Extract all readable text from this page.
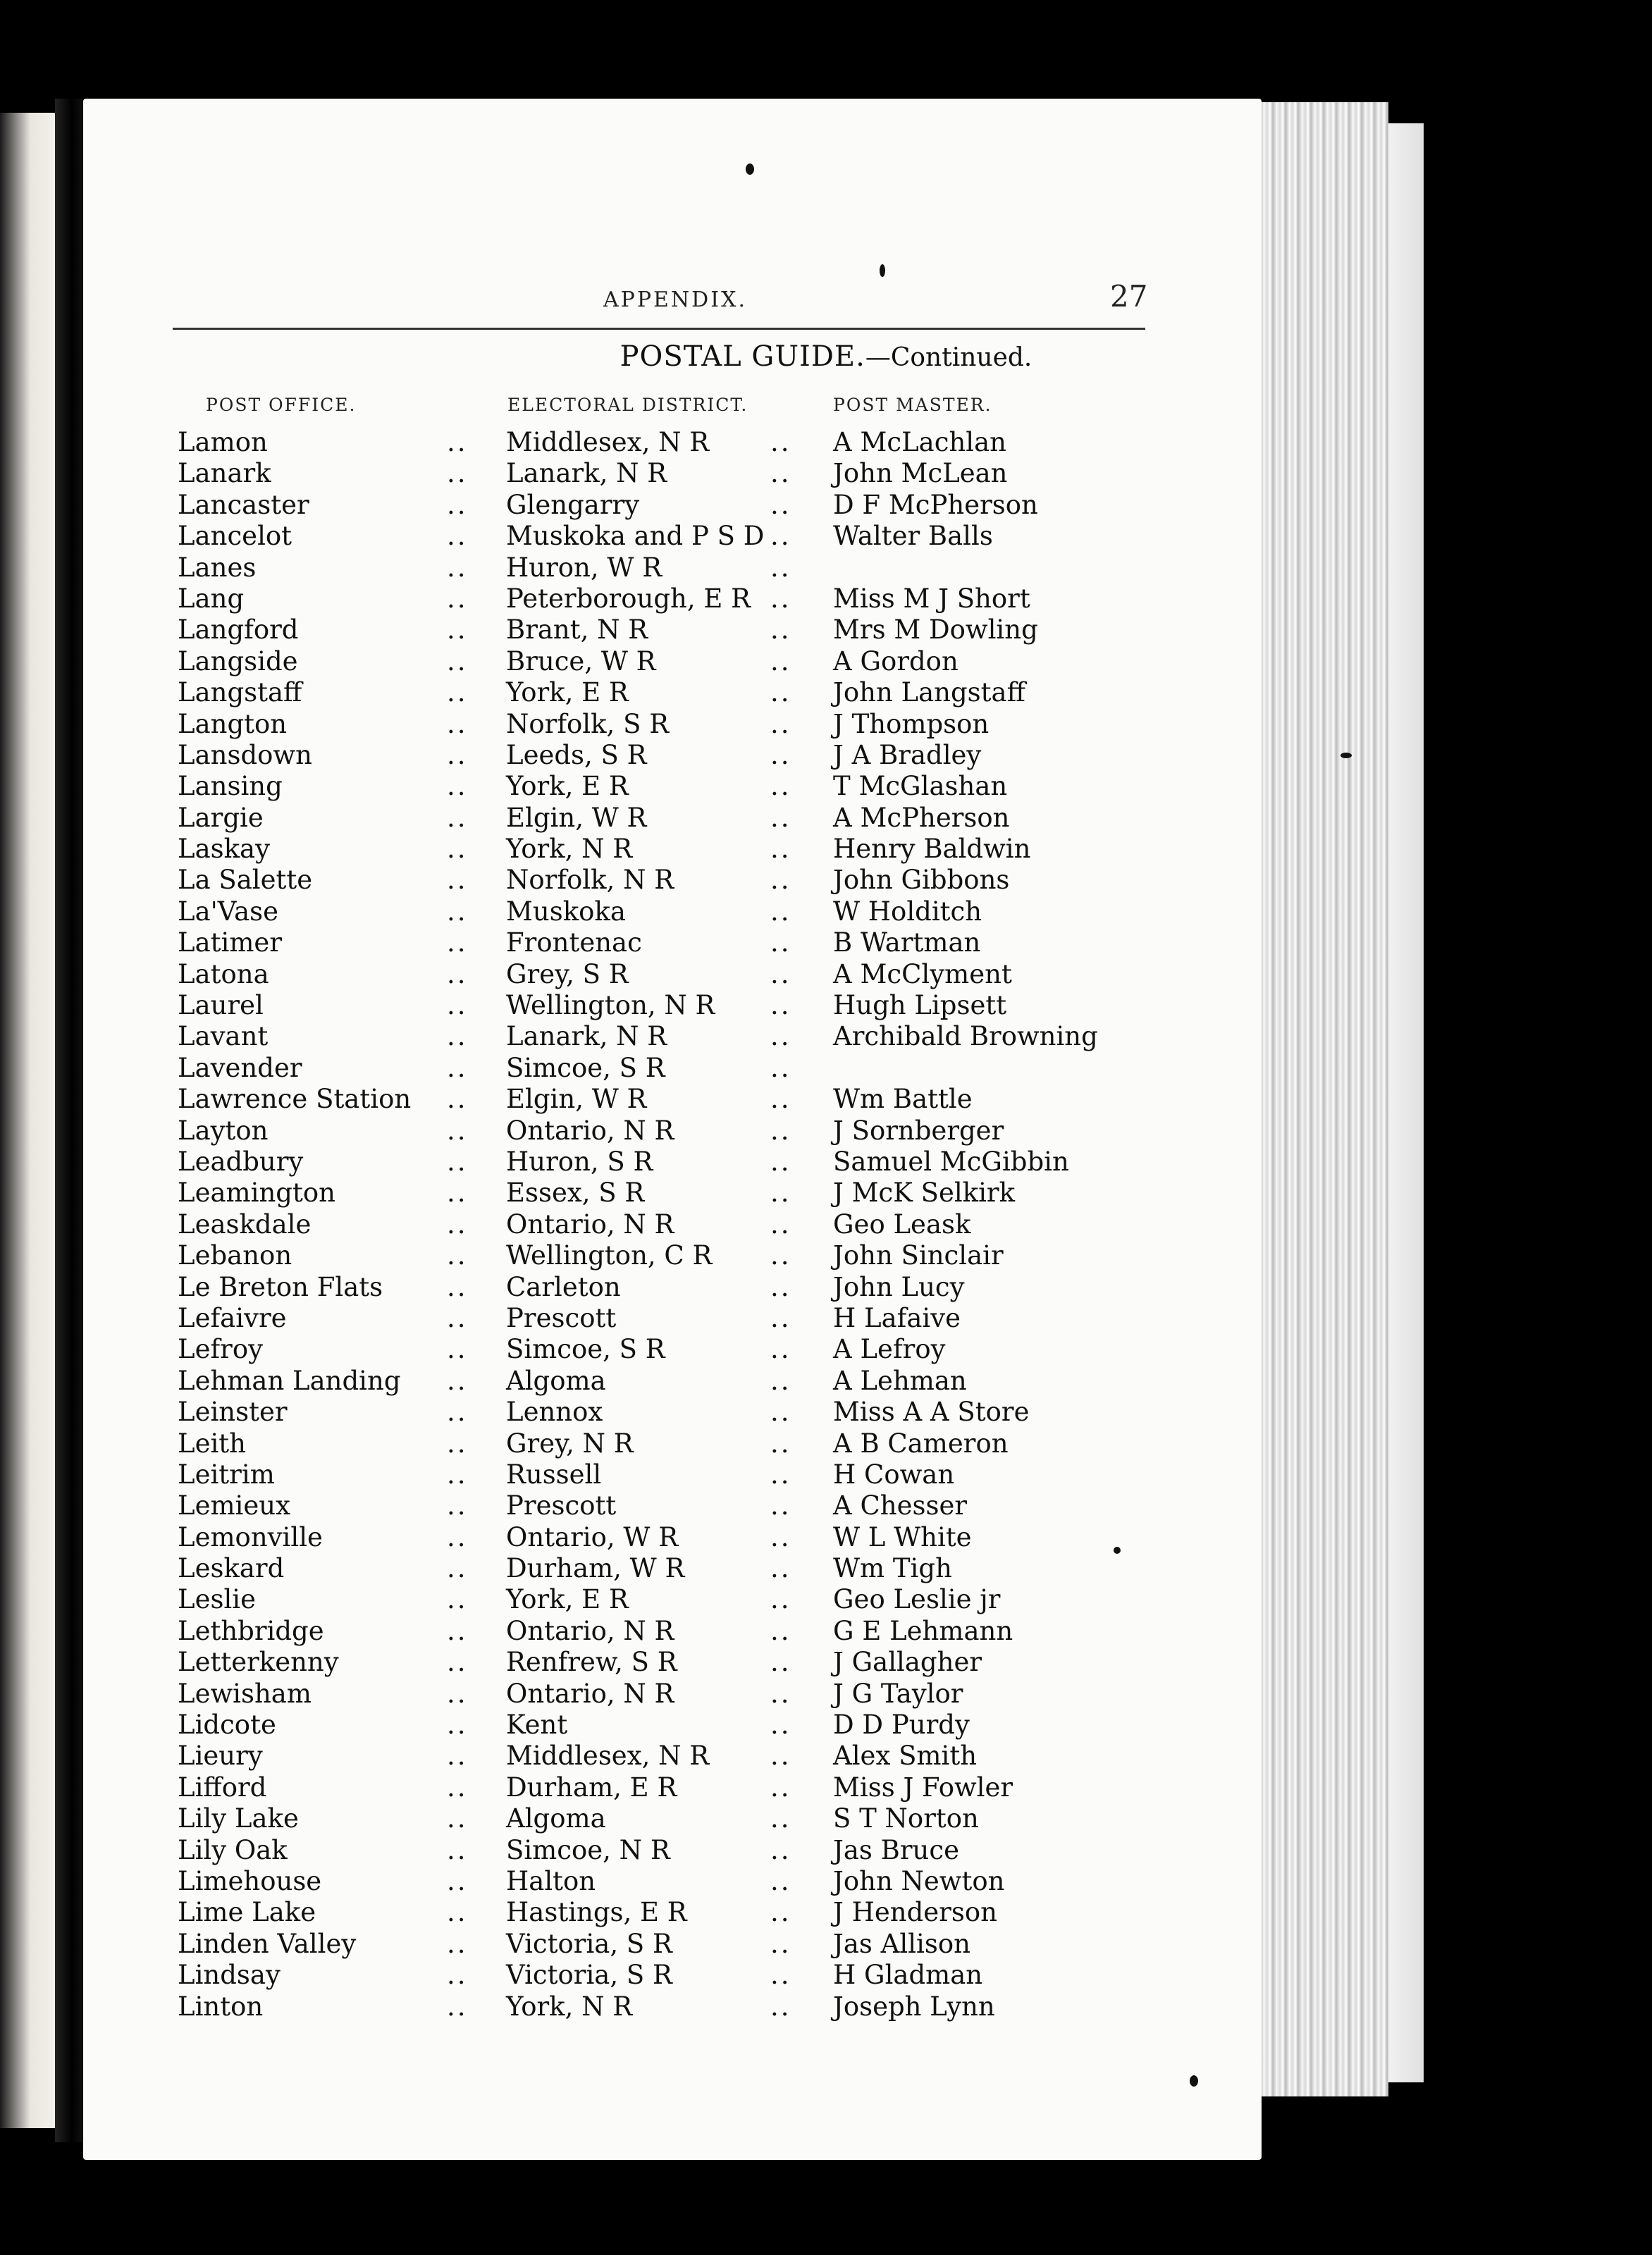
APPENDIX.	27
POSTAL GUIDE.—Continued.
POST OFFICE.	ELECTORAL DISTRICT.	POST MASTER.
Lamon	.. Middlesex, N R .. A McLachlan
Lanark	.. Lanark, N R	.. John McLean
Lancaster	.. Glengarry	.. D F McPherson
Lancelot	.. Muskoka and P S D .. Walter Balls
Lanes	.. Huron, W R	..
Lang	.. Peterborough, E R .. Miss M J Short
Langford	.. Brant, N R	.. Mrs M Dowling
Langside	.. Bruce, W R	.. A Gordon
Langstaff	.. York, E R	.. John Langstaff
Langton	.. Norfolk, S R	.. J Thompson
Lansdown	.. Leeds, S R	.. J A Bradley
Lansing	.. York, E R	.. T McGlashan
Largie	.. Elgin, W R	.. A McPherson
Laskay	.. York, N R	.. Henry Baldwin
La Salette	.. Norfolk, N R	.. John Gibbons
La'Vase	.. Muskoka	.. W Holditch
Latimer	.. Frontenac	.. B Wartman
Latona	.. Grey, S R	.. A McClyment
Laurel	.. Wellington, N R .. Hugh Lipsett
Lavant	.. Lanark, N R	.. Archibald Browning
Lavender	.. Simcoe, S R	..
Lawrence Station .. Elgin, W R	.. Wm Battle
Layton	.. Ontario, N R	.. J Sornberger
Leadbury	.. Huron, S R	.. Samuel McGibbin
Leamington	.. Essex, S R	.. J McK Selkirk
Leaskdale	.. Ontario, N R	.. Geo Leask
Lebanon	.. Wellington, C R .. John Sinclair
Le Breton Flats .. Carleton	.. John Lucy
Lefaivre	.. Prescott	.. H Lafaive
Lefroy	.. Simcoe, S R	.. A Lefroy
Lehman Landing .. Algoma	.. A Lehman
Leinster	.. Lennox	.. Miss A A Store
Leith	.. Grey, N R	.. A B Cameron
Leitrim	.. Russell	.. H Cowan
Lemieux	.. Prescott	.. A Chesser
Lemonville	.. Ontario, W R	.. W L White
Leskard	.. Durham, W R	.. Wm Tigh
Leslie	.. York, E R	.. Geo Leslie jr
Lethbridge	.. Ontario, N R	.. G E Lehmann
Letterkenny	.. Renfrew, S R	.. J Gallagher
Lewisham	.. Ontario, N R	.. J G Taylor
Lidcote	.. Kent	.. D D Purdy
Lieury	.. Middlesex, N R .. Alex Smith
Lifford	.. Durham, E R	.. Miss J Fowler
Lily Lake	.. Algoma	.. S T Norton
Lily Oak	.. Simcoe, N R	.. Jas Bruce
Limehouse	.. Halton	.. John Newton
Lime Lake	.. Hastings, E R	.. J Henderson
Linden Valley	.. Victoria, S R	.. Jas Allison
Lindsay	.. Victoria, S R	.. H Gladman
Linton	.. York, N R	.. Joseph Lynn
